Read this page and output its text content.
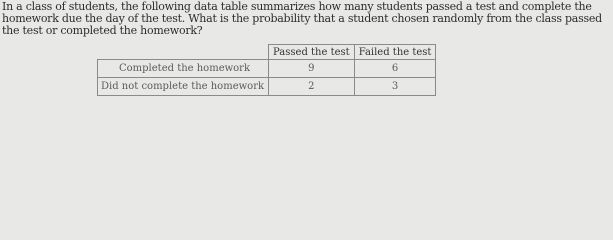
In a class of students, the following data table summarizes how many students passed a test and complete the homework due the day of the test. What is the probability that a student chosen randomly from the class passed the test or completed the homework?

	Passed the test	Failed the test
Completed the homework	9	6
Did not complete the homework	2	3
